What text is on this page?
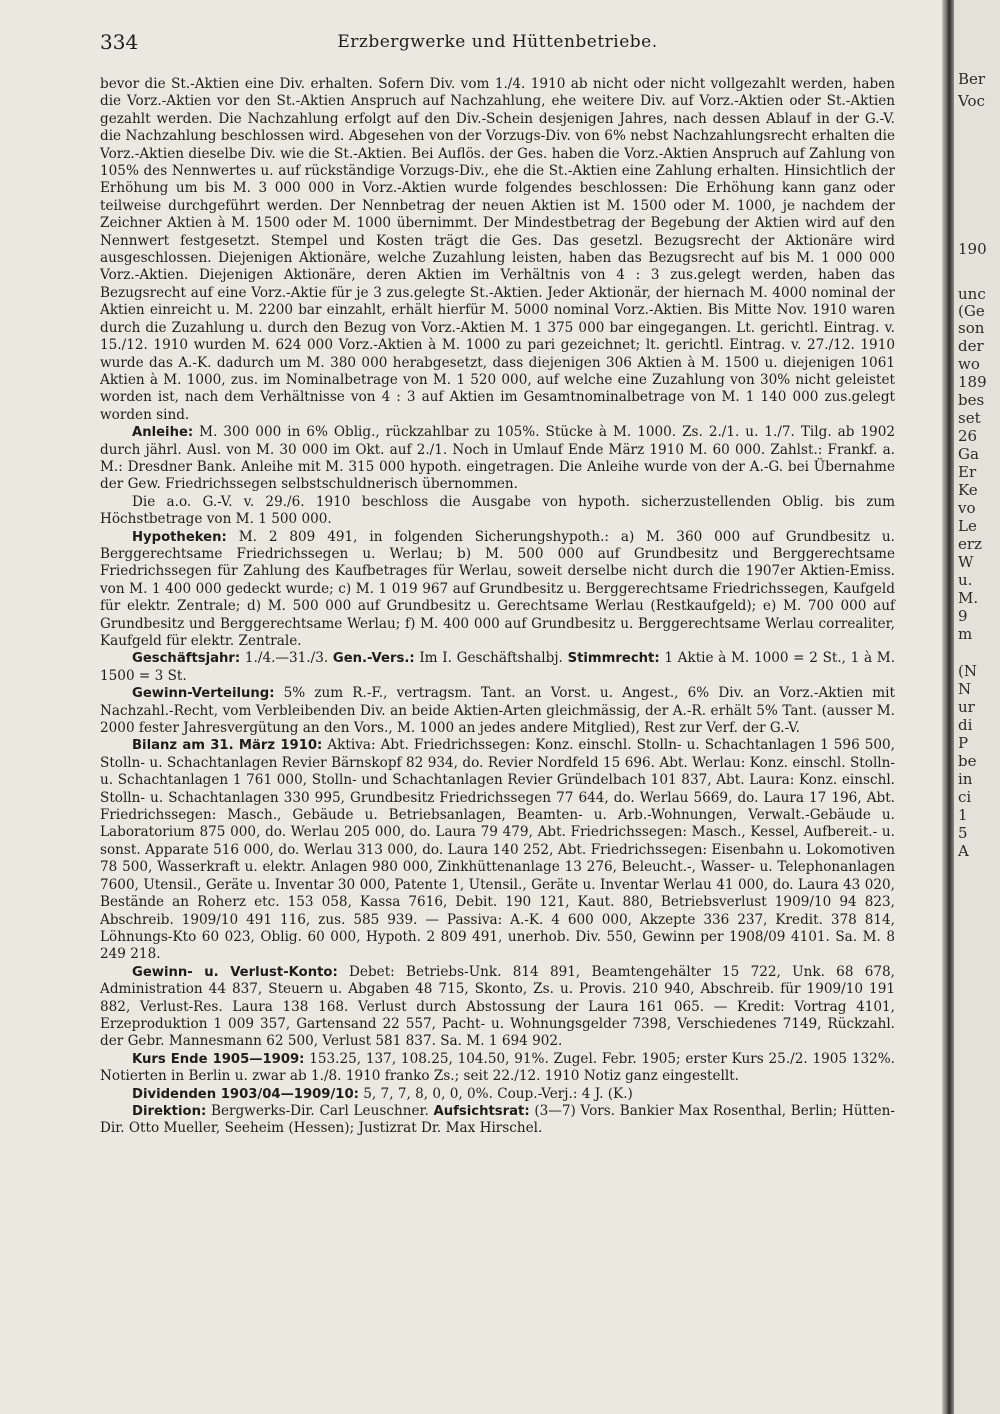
334	Erzbergwerke und Hüttenbetriebe.

bevor die St.-Aktien eine Div. erhalten. Sofern Div. vom 1./4. 1910 ab nicht oder nicht vollgezahlt werden, haben die Vorz.-Aktien vor den St.-Aktien Anspruch auf Nachzahlung, ehe weitere Div. auf Vorz.-Aktien oder St.-Aktien gezahlt werden. Die Nachzahlung erfolgt auf den Div.-Schein desjenigen Jahres, nach dessen Ablauf in der G.-V. die Nachzahlung beschlossen wird. Abgesehen von der Vorzugs-Div. von 6% nebst Nachzahlungsrecht erhalten die Vorz.-Aktien dieselbe Div. wie die St.-Aktien. Bei Auflös. der Ges. haben die Vorz.-Aktien Anspruch auf Zahlung von 105% des Nennwertes u. auf rückständige Vorzugs-Div., ehe die St.-Aktien eine Zahlung erhalten. Hinsichtlich der Erhöhung um bis M. 3 000 000 in Vorz.-Aktien wurde folgendes beschlossen: Die Erhöhung kann ganz oder teilweise durchgeführt werden. Der Nennbetrag der neuen Aktien ist M. 1500 oder M. 1000, je nachdem der Zeichner Aktien à M. 1500 oder M. 1000 übernimmt. Der Mindestbetrag der Begebung der Aktien wird auf den Nennwert festgesetzt. Stempel und Kosten trägt die Ges. Das gesetzl. Bezugsrecht der Aktionäre wird ausgeschlossen. Diejenigen Aktionäre, welche Zuzahlung leisten, haben das Bezugsrecht auf bis M. 1 000 000 Vorz.-Aktien. Diejenigen Aktionäre, deren Aktien im Verhältnis von 4 : 3 zus.gelegt werden, haben das Bezugsrecht auf eine Vorz.-Aktie für je 3 zus.gelegte St.-Aktien. Jeder Aktionär, der hiernach M. 4000 nominal der Aktien einreicht u. M. 2200 bar einzahlt, erhält hierfür M. 5000 nominal Vorz.-Aktien. Bis Mitte Nov. 1910 waren durch die Zuzahlung u. durch den Bezug von Vorz.-Aktien M. 1 375 000 bar eingegangen. Lt. gerichtl. Eintrag. v. 15./12. 1910 wurden M. 624 000 Vorz.-Aktien à M. 1000 zu pari gezeichnet; lt. gerichtl. Eintrag. v. 27./12. 1910 wurde das A.-K. dadurch um M. 380 000 herabgesetzt, dass diejenigen 306 Aktien à M. 1500 u. diejenigen 1061 Aktien à M. 1000, zus. im Nominalbetrage von M. 1 520 000, auf welche eine Zuzahlung von 30% nicht geleistet worden ist, nach dem Verhältnisse von 4 : 3 auf Aktien im Gesamtnominalbetrage von M. 1 140 000 zus.gelegt worden sind.

Anleihe: M. 300 000 in 6% Oblig., rückzahlbar zu 105%. Stücke à M. 1000. Zs. 2./1. u. 1./7. Tilg. ab 1902 durch jährl. Ausl. von M. 30 000 im Okt. auf 2./1. Noch in Umlauf Ende März 1910 M. 60 000. Zahlst.: Frankf. a. M.: Dresdner Bank. Anleihe mit M. 315 000 hypoth. eingetragen. Die Anleihe wurde von der A.-G. bei Übernahme der Gew. Friedrichssegen selbstschuldnerisch übernommen.

Die a.o. G.-V. v. 29./6. 1910 beschloss die Ausgabe von hypoth. sicherzustellenden Oblig. bis zum Höchstbetrage von M. 1 500 000.

Hypotheken: M. 2 809 491, in folgenden Sicherungshypoth.: a) M. 360 000 auf Grundbesitz u. Berggerechtsame Friedrichssegen u. Werlau; b) M. 500 000 auf Grundbesitz und Berggerechtsame Friedrichssegen für Zahlung des Kaufbetrages für Werlau, soweit derselbe nicht durch die 1907er Aktien-Emiss. von M. 1 400 000 gedeckt wurde; c) M. 1 019 967 auf Grundbesitz u. Berggerechtsame Friedrichssegen, Kaufgeld für elektr. Zentrale; d) M. 500 000 auf Grundbesitz u. Gerechtsame Werlau (Restkaufgeld); e) M. 700 000 auf Grundbesitz und Berggerechtsame Werlau; f) M. 400 000 auf Grundbesitz u. Berggerechtsame Werlau correaliter, Kaufgeld für elektr. Zentrale.

Geschäftsjahr: 1./4.—31./3. Gen.-Vers.: Im I. Geschäftshalbj. Stimmrecht: 1 Aktie à M. 1000 = 2 St., 1 à M. 1500 = 3 St.

Gewinn-Verteilung: 5% zum R.-F., vertragsm. Tant. an Vorst. u. Angest., 6% Div. an Vorz.-Aktien mit Nachzahl.-Recht, vom Verbleibenden Div. an beide Aktien-Arten gleichmässig, der A.-R. erhält 5% Tant. (ausser M. 2000 fester Jahresvergütung an den Vors., M. 1000 an jedes andere Mitglied), Rest zur Verf. der G.-V.

Bilanz am 31. März 1910: Aktiva: Abt. Friedrichssegen: Konz. einschl. Stolln- u. Schachtanlagen 1 596 500, Stolln- u. Schachtanlagen Revier Bärnskopf 82 934, do. Revier Nordfeld 15 696. Abt. Werlau: Konz. einschl. Stolln- u. Schachtanlagen 1 761 000, Stolln- und Schachtanlagen Revier Gründelbach 101 837, Abt. Laura: Konz. einschl. Stolln- u. Schachtanlagen 330 995, Grundbesitz Friedrichssegen 77 644, do. Werlau 5669, do. Laura 17 196, Abt. Friedrichssegen: Masch., Gebäude u. Betriebsanlagen, Beamten- u. Arb.-Wohnungen, Verwalt.-Gebäude u. Laboratorium 875 000, do. Werlau 205 000, do. Laura 79 479, Abt. Friedrichssegen: Masch., Kessel, Aufbereit.- u. sonst. Apparate 516 000, do. Werlau 313 000, do. Laura 140 252, Abt. Friedrichssegen: Eisenbahn u. Lokomotiven 78 500, Wasserkraft u. elektr. Anlagen 980 000, Zinkhüttenanlage 13 276, Beleucht.-, Wasser- u. Telephonanlagen 7600, Utensil., Geräte u. Inventar 30 000, Patente 1, Utensil., Geräte u. Inventar Werlau 41 000, do. Laura 43 020, Bestände an Roherz etc. 153 058, Kassa 7616, Debit. 190 121, Kaut. 880, Betriebsverlust 1909/10 94 823, Abschreib. 1909/10 491 116, zus. 585 939. — Passiva: A.-K. 4 600 000, Akzepte 336 237, Kredit. 378 814, Löhnungs-Kto 60 023, Oblig. 60 000, Hypoth. 2 809 491, unerhob. Div. 550, Gewinn per 1908/09 4101. Sa. M. 8 249 218.

Gewinn- u. Verlust-Konto: Debet: Betriebs-Unk. 814 891, Beamtengehälter 15 722, Unk. 68 678, Administration 44 837, Steuern u. Abgaben 48 715, Skonto, Zs. u. Provis. 210 940, Abschreib. für 1909/10 191 882, Verlust-Res. Laura 138 168. Verlust durch Abstossung der Laura 161 065. — Kredit: Vortrag 4101, Erzeproduktion 1 009 357, Gartensand 22 557, Pacht- u. Wohnungsgelder 7398, Verschiedenes 7149, Rückzahl. der Gebr. Mannesmann 62 500, Verlust 581 837. Sa. M. 1 694 902.

Kurs Ende 1905—1909: 153.25, 137, 108.25, 104.50, 91%. Zugel. Febr. 1905; erster Kurs 25./2. 1905 132%. Notierten in Berlin u. zwar ab 1./8. 1910 franko Zs.; seit 22./12. 1910 Notiz ganz eingestellt.

Dividenden 1903/04—1909/10: 5, 7, 7, 8, 0, 0, 0%. Coup.-Verj.: 4 J. (K.)

Direktion: Bergwerks-Dir. Carl Leuschner. Aufsichtsrat: (3—7) Vors. Bankier Max Rosenthal, Berlin; Hütten-Dir. Otto Mueller, Seeheim (Hessen); Justizrat Dr. Max Hirschel.

Ber
Voc
190
unc
(Ge
son
der
wo
189
bes
set
26
Ga
Er
Ke
vo
Le
erz
W
u.
M.
9
m
(N
N
ur
di
P
be
in
ci
1
5
A
